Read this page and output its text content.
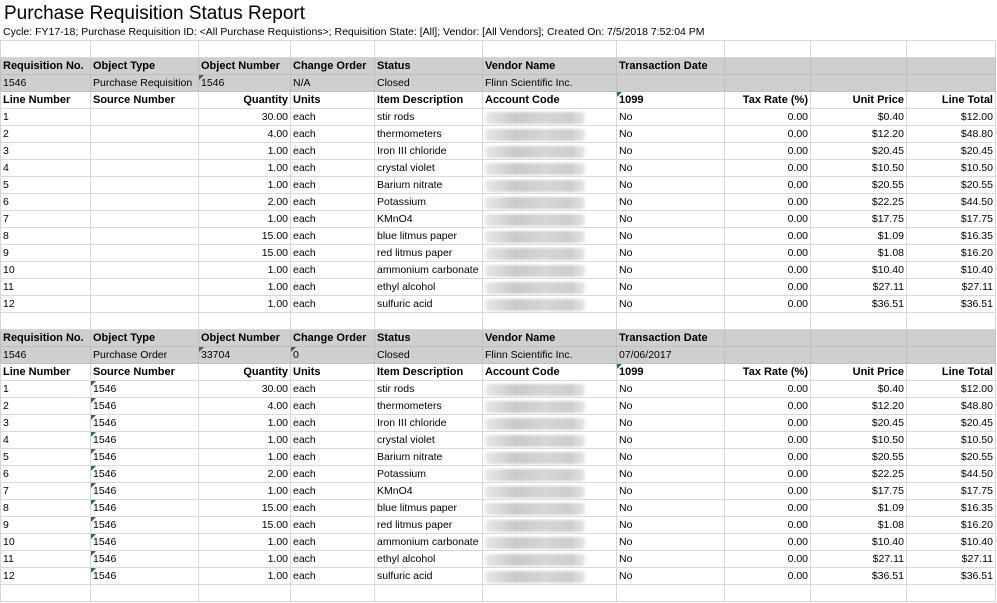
Purchase Requisition Status Report
Cycle: FY17-18; Purchase Requisition ID: <All Purchase Requistions>; Requisition State: [All]; Vendor: [All Vendors]; Created On: 7/5/2018 7:52:04 PM

Requisition No.	Object Type	Object Number	Change Order	Status	Vendor Name	Transaction Date			
1546	Purchase Requisition	1546	N/A	Closed	Flinn Scientific Inc.				
Line Number	Source Number	Quantity	Units	Item Description	Account Code	1099	Tax Rate (%)	Unit Price	Line Total
1		30.00	each	stir rods		No	0.00	$0.40	$12.00
2		4.00	each	thermometers		No	0.00	$12.20	$48.80
3		1.00	each	Iron III chloride		No	0.00	$20.45	$20.45
4		1.00	each	crystal violet		No	0.00	$10.50	$10.50
5		1.00	each	Barium nitrate		No	0.00	$20.55	$20.55
6		2.00	each	Potassium		No	0.00	$22.25	$44.50
7		1.00	each	KMnO4		No	0.00	$17.75	$17.75
8		15.00	each	blue litmus paper		No	0.00	$1.09	$16.35
9		15.00	each	red litmus paper		No	0.00	$1.08	$16.20
10		1.00	each	ammonium carbonate		No	0.00	$10.40	$10.40
11		1.00	each	ethyl alcohol		No	0.00	$27.11	$27.11
12		1.00	each	sulfuric acid		No	0.00	$36.51	$36.51

Requisition No.	Object Type	Object Number	Change Order	Status	Vendor Name	Transaction Date			
1546	Purchase Order	33704	0	Closed	Flinn Scientific Inc.	07/06/2017			
Line Number	Source Number	Quantity	Units	Item Description	Account Code	1099	Tax Rate (%)	Unit Price	Line Total
1	1546	30.00	each	stir rods		No	0.00	$0.40	$12.00
2	1546	4.00	each	thermometers		No	0.00	$12.20	$48.80
3	1546	1.00	each	Iron III chloride		No	0.00	$20.45	$20.45
4	1546	1.00	each	crystal violet		No	0.00	$10.50	$10.50
5	1546	1.00	each	Barium nitrate		No	0.00	$20.55	$20.55
6	1546	2.00	each	Potassium		No	0.00	$22.25	$44.50
7	1546	1.00	each	KMnO4		No	0.00	$17.75	$17.75
8	1546	15.00	each	blue litmus paper		No	0.00	$1.09	$16.35
9	1546	15.00	each	red litmus paper		No	0.00	$1.08	$16.20
10	1546	1.00	each	ammonium carbonate		No	0.00	$10.40	$10.40
11	1546	1.00	each	ethyl alcohol		No	0.00	$27.11	$27.11
12	1546	1.00	each	sulfuric acid		No	0.00	$36.51	$36.51
